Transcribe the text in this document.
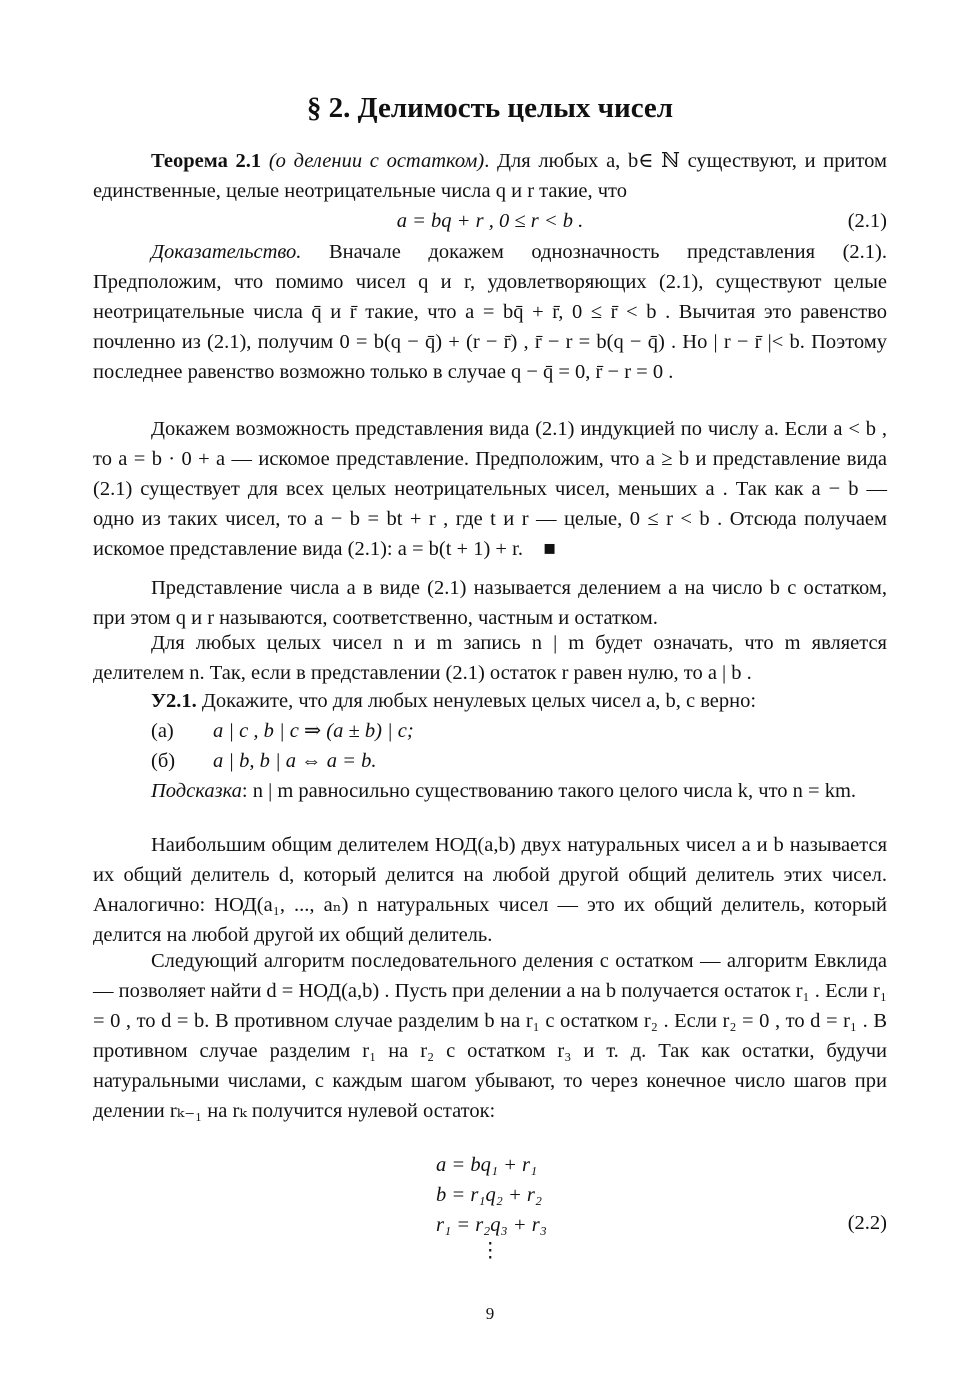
§ 2. Делимость целых чисел
Теорема 2.1 (о делении с остатком). Для любых a, b∈ ℕ существуют, и притом единственные, целые неотрицательные числа q и r такие, что
a = bq + r , 0 ≤ r < b .	(2.1)
Доказательство. Вначале докажем однозначность представления (2.1). Предположим, что помимо чисел q и r, удовлетворяющих (2.1), существуют целые неотрицательные числа q̄ и r̄ такие, что a = bq̄ + r̄, 0 ≤ r̄ < b . Вычитая это равенство почленно из (2.1), получим 0 = b(q − q̄) + (r − r̄) , r̄ − r = b(q − q̄) . Но | r − r̄ |< b. Поэтому последнее равенство возможно только в случае q − q̄ = 0, r̄ − r = 0 .
Докажем возможность представления вида (2.1) индукцией по числу a. Если a < b , то a = b · 0 + a — искомое представление. Предположим, что a ≥ b и представление вида (2.1) существует для всех целых неотрицательных чисел, меньших a . Так как a − b — одно из таких чисел, то a − b = bt + r , где t и r — целые, 0 ≤ r < b . Отсюда получаем искомое представление вида (2.1): a = b(t + 1) + r. ■
Представление числа a в виде (2.1) называется делением a на число b с остатком, при этом q и r называются, соответственно, частным и остатком.
Для любых целых чисел n и m запись n | m будет означать, что m является делителем n. Так, если в представлении (2.1) остаток r равен нулю, то a | b .
У2.1. Докажите, что для любых ненулевых целых чисел a, b, c верно:
(а) a | c , b | c ⇒ (a ± b) | c;
(б) a | b, b | a ⇔ a = b.
Подсказка: n | m равносильно существованию такого целого числа k, что n = km.
Наибольшим общим делителем НОД(a,b) двух натуральных чисел a и b называется их общий делитель d, который делится на любой другой общий делитель этих чисел. Аналогично: НОД(a₁, ..., aₙ) n натуральных чисел — это их общий делитель, который делится на любой другой их общий делитель.
Следующий алгоритм последовательного деления с остатком — алгоритм Евклида — позволяет найти d = НОД(a,b) . Пусть при делении a на b получается остаток r₁ . Если r₁ = 0 , то d = b. В противном случае разделим b на r₁ с остатком r₂ . Если r₂ = 0 , то d = r₁ . В противном случае разделим r₁ на r₂ с остатком r₃ и т. д. Так как остатки, будучи натуральными числами, с каждым шагом убывают, то через конечное число шагов при делении rₖ₋₁ на rₖ получится нулевой остаток:
a = bq₁ + r₁
b = r₁q₂ + r₂
r₁ = r₂q₃ + r₃
⋮
(2.2)
9
